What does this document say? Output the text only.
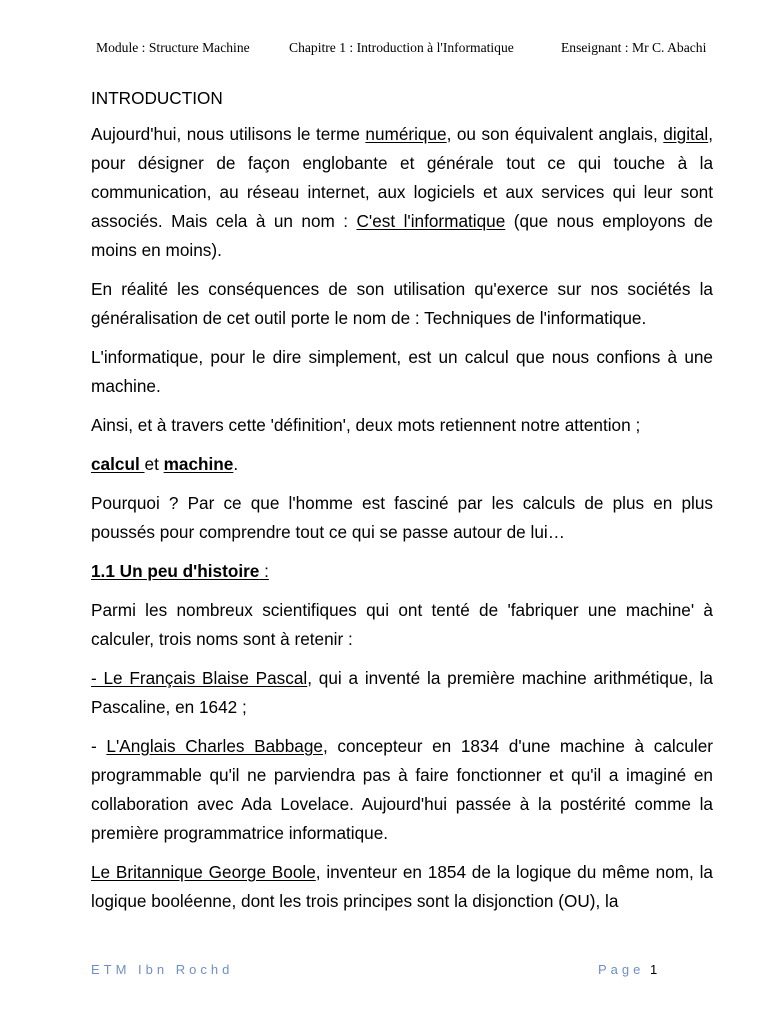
Module : Structure Machine	Chapitre 1 : Introduction à l'Informatique	Enseignant : Mr C. Abachi

INTRODUCTION

Aujourd'hui, nous utilisons le terme numérique, ou son équivalent anglais, digital, pour désigner de façon englobante et générale tout ce qui touche à la communication, au réseau internet, aux logiciels et aux services qui leur sont associés. Mais cela à un nom : C'est l'informatique (que nous employons de moins en moins).

En réalité les conséquences de son utilisation qu'exerce sur nos sociétés la généralisation de cet outil porte le nom de : Techniques de l'informatique.

L'informatique, pour le dire simplement, est un calcul que nous confions à une machine.

Ainsi, et à travers cette 'définition', deux mots retiennent notre attention ;

calcul et machine.

Pourquoi ? Par ce que l'homme est fasciné par les calculs de plus en plus poussés pour comprendre tout ce qui se passe autour de lui…

1.1 Un peu d'histoire :

Parmi les nombreux scientifiques qui ont tenté de 'fabriquer une machine' à calculer, trois noms sont à retenir :

- Le Français Blaise Pascal, qui a inventé la première machine arithmétique, la Pascaline, en 1642 ;

- L'Anglais Charles Babbage, concepteur en 1834 d'une machine à calculer programmable qu'il ne parviendra pas à faire fonctionner et qu'il a imaginé en collaboration avec Ada Lovelace. Aujourd'hui passée à la postérité comme la première programmatrice informatique.

Le Britannique George Boole, inventeur en 1854 de la logique du même nom, la logique booléenne, dont les trois principes sont la disjonction (OU), la

ETM Ibn Rochd	Page 1
